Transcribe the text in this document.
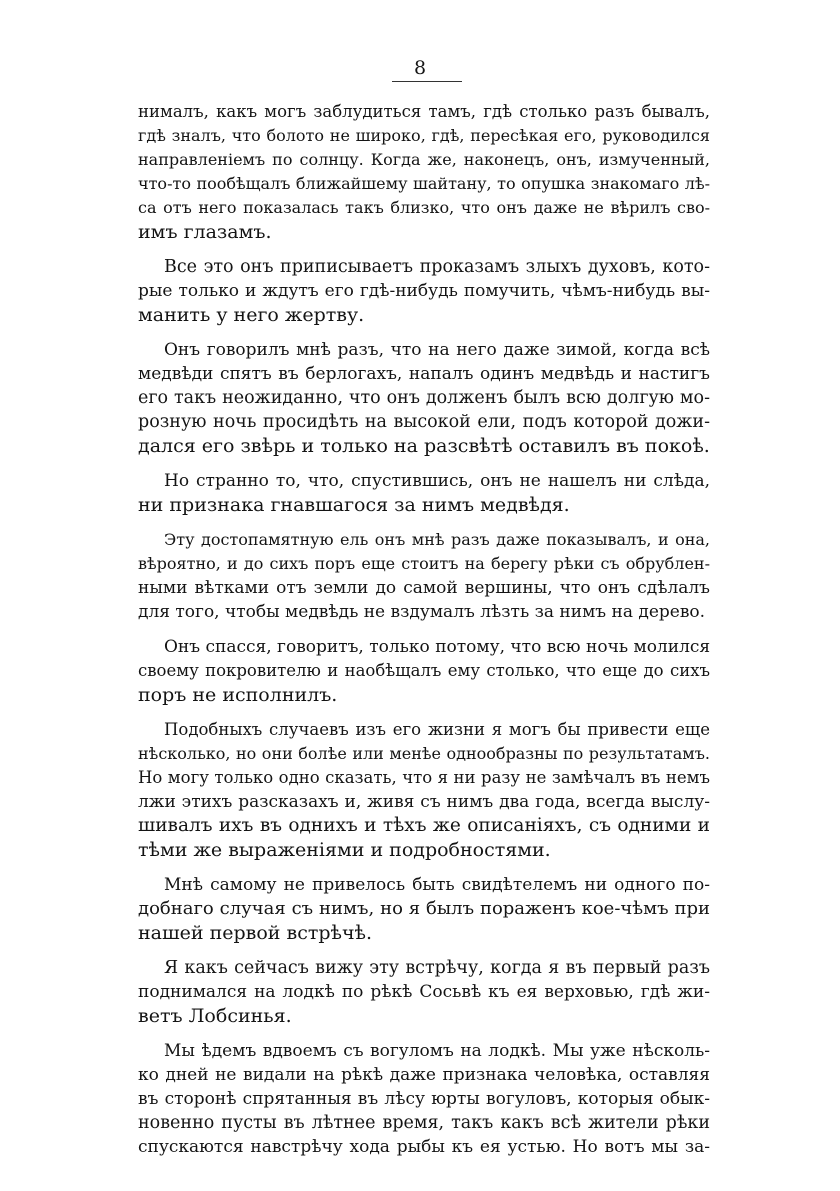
8
нималъ, какъ могъ заблудиться тамъ, гдѣ столько разъ бывалъ,
гдѣ зналъ, что болото не широко, гдѣ, пересѣкая его, руководился
направленіемъ по солнцу. Когда же, наконецъ, онъ, измученный,
что-то пообѣщалъ ближайшему шайтану, то опушка знакомаго лѣ-
са отъ него показалась такъ близко, что онъ даже не вѣрилъ сво-
имъ глазамъ.
Все это онъ приписываетъ проказамъ злыхъ духовъ, кото-
рые только и ждутъ его гдѣ-нибудь помучить, чѣмъ-нибудь вы-
манить у него жертву.
Онъ говорилъ мнѣ разъ, что на него даже зимой, когда всѣ
медвѣди спятъ въ берлогахъ, напалъ одинъ медвѣдь и настигъ
его такъ неожиданно, что онъ долженъ былъ всю долгую мо-
розную ночь просидѣть на высокой ели, подъ которой дожи-
дался его звѣрь и только на разсвѣтѣ оставилъ въ покоѣ.
Но странно то, что, спустившись, онъ не нашелъ ни слѣда,
ни признака гнавшагося за нимъ медвѣдя.
Эту достопамятную ель онъ мнѣ разъ даже показывалъ, и она,
вѣроятно, и до сихъ поръ еще стоитъ на берегу рѣки съ обрублен-
ными вѣтками отъ земли до самой вершины, что онъ сдѣлалъ
для того, чтобы медвѣдь не вздумалъ лѣзть за нимъ на дерево.
Онъ спасся, говоритъ, только потому, что всю ночь молился
своему покровителю и наобѣщалъ ему столько, что еще до сихъ
поръ не исполнилъ.
Подобныхъ случаевъ изъ его жизни я могъ бы привести еще
нѣсколько, но они болѣе или менѣе однообразны по результатамъ.
Но могу только одно сказать, что я ни разу не замѣчалъ въ немъ
лжи этихъ разсказахъ и, живя съ нимъ два года, всегда выслу-
шивалъ ихъ въ однихъ и тѣхъ же описаніяхъ, съ одними и
тѣми же выраженіями и подробностями.
Мнѣ самому не привелось быть свидѣтелемъ ни одного по-
добнаго случая съ нимъ, но я былъ пораженъ кое-чѣмъ при
нашей первой встрѣчѣ.
Я какъ сейчасъ вижу эту встрѣчу, когда я въ первый разъ
поднимался на лодкѣ по рѣкѣ Сосьвѣ къ ея верховью, гдѣ жи-
ветъ Лобсинья.
Мы ѣдемъ вдвоемъ съ вогуломъ на лодкѣ. Мы уже нѣсколь-
ко дней не видали на рѣкѣ даже признака человѣка, оставляя
въ сторонѣ спрятанныя въ лѣсу юрты вогуловъ, которыя обык-
новенно пусты въ лѣтнее время, такъ какъ всѣ жители рѣки
спускаются навстрѣчу хода рыбы къ ея устью. Но вотъ мы за-
